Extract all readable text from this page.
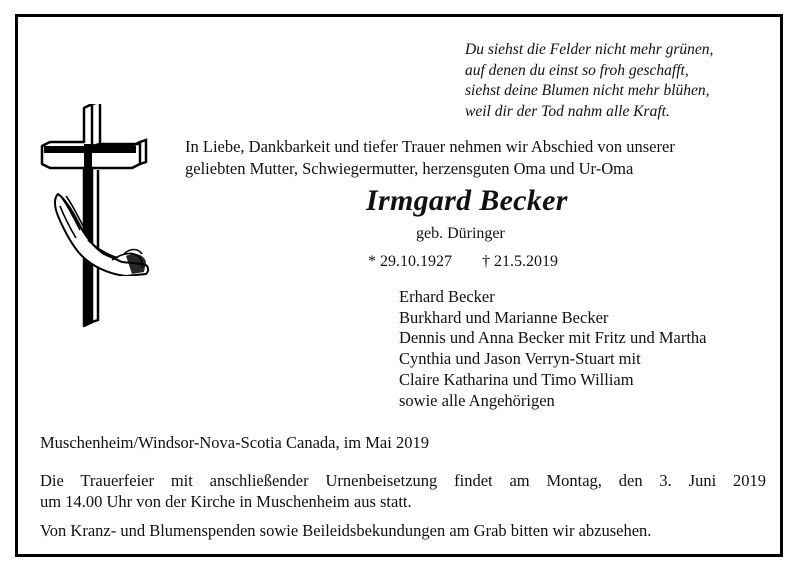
Du siehst die Felder nicht mehr grünen,
auf denen du einst so froh geschafft,
siehst deine Blumen nicht mehr blühen,
weil dir der Tod nahm alle Kraft.
In Liebe, Dankbarkeit und tiefer Trauer nehmen wir Abschied von unserer
geliebten Mutter, Schwiegermutter, herzensguten Oma und Ur-Oma
Irmgard Becker
geb. Düringer
* 29.10.1927 † 21.5.2019
Erhard Becker
Burkhard und Marianne Becker
Dennis und Anna Becker mit Fritz und Martha
Cynthia und Jason Verryn-Stuart mit
Claire Katharina und Timo William
sowie alle Angehörigen
Muschenheim/Windsor-Nova-Scotia Canada, im Mai 2019
Die Trauerfeier mit anschließender Urnenbeisetzung findet am Montag, den 3. Juni 2019
um 14.00 Uhr von der Kirche in Muschenheim aus statt.
Von Kranz- und Blumenspenden sowie Beileidsbekundungen am Grab bitten wir abzusehen.
